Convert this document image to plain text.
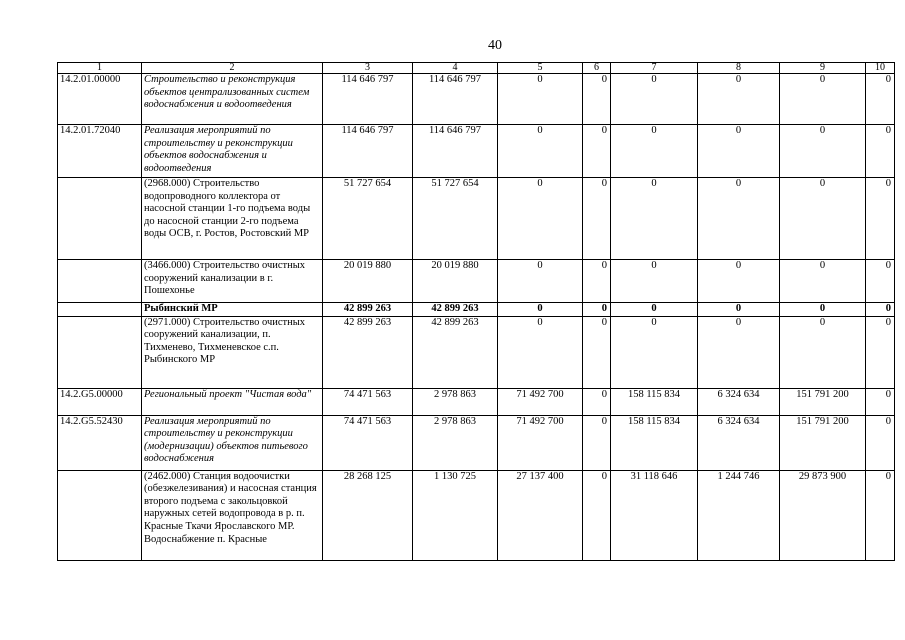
40
1	2	3	4	5	6	7	8	9	10
14.2.01.00000	Строительство и реконструкция объектов централизованных систем водоснабжения и водоотведения	114 646 797	114 646 797	0	0	0	0	0	0
14.2.01.72040	Реализация мероприятий по строительству и реконструкции объектов водоснабжения и водоотведения	114 646 797	114 646 797	0	0	0	0	0	0
	(2968.000) Строительство водопроводного коллектора от насосной станции 1-го подъема воды до насосной станции 2-го подъема воды ОСВ, г. Ростов, Ростовский МР	51 727 654	51 727 654	0	0	0	0	0	0
	(3466.000) Строительство очистных сооружений канализации в г. Пошехонье	20 019 880	20 019 880	0	0	0	0	0	0
	Рыбинский МР	42 899 263	42 899 263	0	0	0	0	0	0
	(2971.000) Строительство очистных сооружений канализации, п. Тихменево, Тихменевское с.п. Рыбинского МР	42 899 263	42 899 263	0	0	0	0	0	0
14.2.G5.00000	Региональный проект "Чистая вода"	74 471 563	2 978 863	71 492 700	0	158 115 834	6 324 634	151 791 200	0
14.2.G5.52430	Реализация мероприятий по строительству и реконструкции (модернизации) объектов питьевого водоснабжения	74 471 563	2 978 863	71 492 700	0	158 115 834	6 324 634	151 791 200	0
	(2462.000) Станция водоочистки (обезжелезивания) и насосная станция второго подъема с закольцовкой наружных сетей водопровода в р. п. Красные Ткачи Ярославского МР. Водоснабжение п. Красные	28 268 125	1 130 725	27 137 400	0	31 118 646	1 244 746	29 873 900	0
